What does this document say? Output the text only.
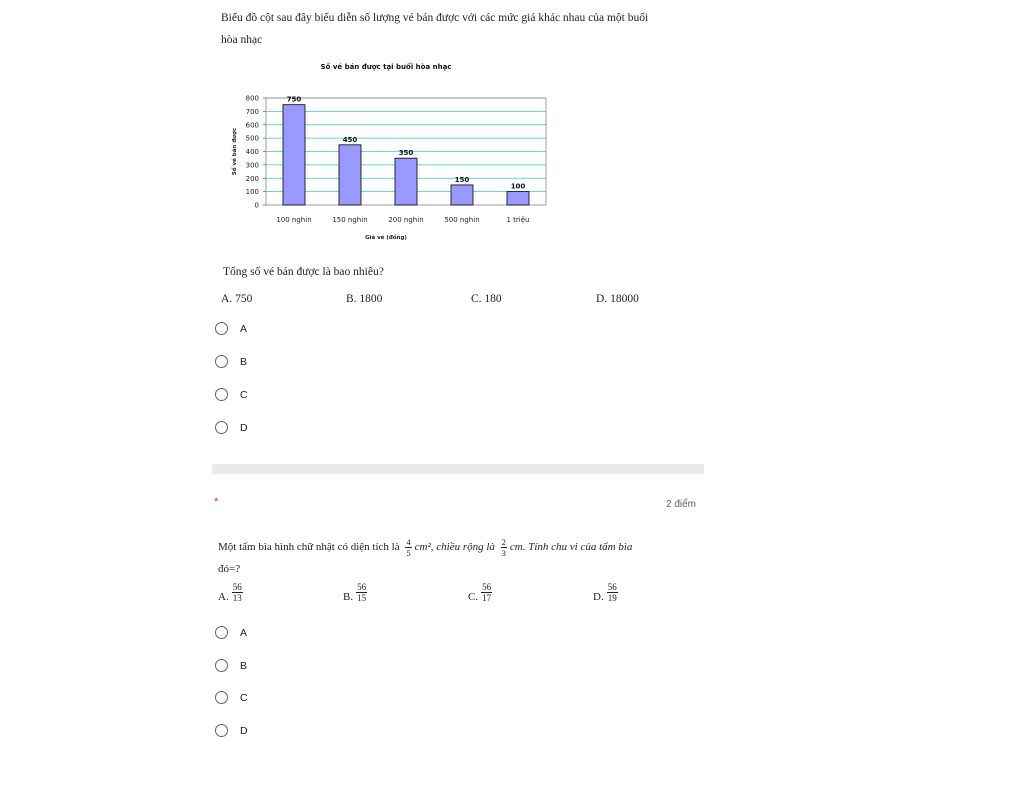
Biểu đồ cột sau đây biểu diễn số lượng vé bán được với các mức giá khác nhau của một buổi
hòa nhạc
Số vé bán được tại buổi hòa nhạc
0
100
200
300
400
500
600
700
800	750
100 nghin
450
150 nghin
350
200 nghin
150
500 nghin
100
1 triệu
Giá vé (đồng)
Số vé bán được
Tổng số vé bán được là bao nhiêu?
A. 750	B. 1800	C. 180	D. 18000
A
B
C
D
*	2 điểm
Một tấm bìa hình chữ nhật có diện tích là $\frac{4}{5} cm^2$, chiều rộng là $\frac{2}{3}$ cm. Tính chu vi của tấm bìa
đó=?
A. $\frac{56}{13}$	B. $\frac{56}{15}$	C. $\frac{56}{17}$	D. $\frac{56}{19}$
A
B
C
D
